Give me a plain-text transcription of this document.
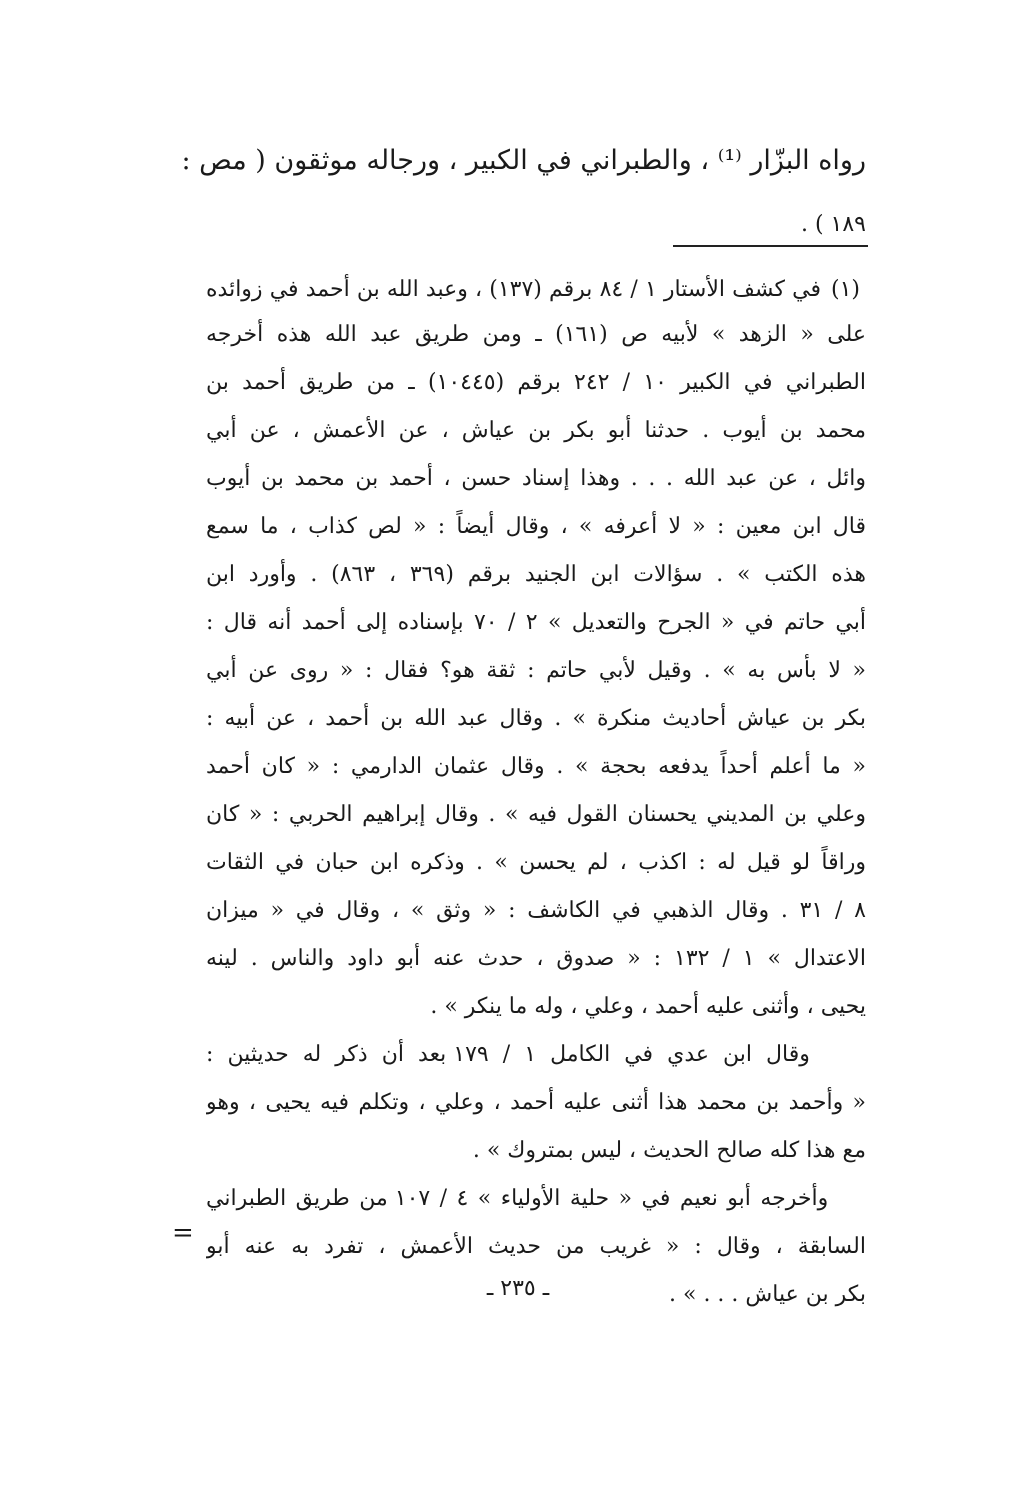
رواه البزّار ⁽¹⁾ ، والطبراني في الكبير ، ورجاله موثقون ( مص :
١٨٩ ) .
(١)
في كشف الأستار ١ / ٨٤ برقم (١٣٧) ، وعبد الله بن أحمد في زوائده
على « الزهد » لأبيه ص (١٦١) ـ ومن طريق عبد الله هذه أخرجه
الطبراني في الكبير ١٠ / ٢٤٢ برقم (١٠٤٤٥) ـ من طريق أحمد بن
محمد بن أيوب . حدثنا أبو بكر بن عياش ، عن الأعمش ، عن أبي
وائل ، عن عبد الله . . . وهذا إسناد حسن ، أحمد بن محمد بن أيوب
قال ابن معين : « لا أعرفه » ، وقال أيضاً : « لص كذاب ، ما سمع
هذه الكتب » . سؤالات ابن الجنيد برقم (٣٦٩ ، ٨٦٣) . وأورد ابن
أبي حاتم في « الجرح والتعديل » ٢ / ٧٠ بإسناده إلى أحمد أنه قال :
« لا بأس به » . وقيل لأبي حاتم : ثقة هو؟ فقال : « روى عن أبي
بكر بن عياش أحاديث منكرة » . وقال عبد الله بن أحمد ، عن أبيه :
« ما أعلم أحداً يدفعه بحجة » . وقال عثمان الدارمي : « كان أحمد
وعلي بن المديني يحسنان القول فيه » . وقال إبراهيم الحربي : « كان
وراقاً لو قيل له : اكذب ، لم يحسن » . وذكره ابن حبان في الثقات
٨ / ٣١ . وقال الذهبي في الكاشف : « وثق » ، وقال في « ميزان
الاعتدال » ١ / ١٣٢ : « صدوق ، حدث عنه أبو داود والناس . لينه
يحيى ، وأثنى عليه أحمد ، وعلي ، وله ما ينكر » .
وقال ابن عدي في الكامل ١ / ١٧٩ بعد أن ذكر له حديثين :
« وأحمد بن محمد هذا أثنى عليه أحمد ، وعلي ، وتكلم فيه يحيى ، وهو
مع هذا كله صالح الحديث ، ليس بمتروك » .
وأخرجه أبو نعيم في « حلية الأولياء » ٤ / ١٠٧ من طريق الطبراني
السابقة ، وقال : « غريب من حديث الأعمش ، تفرد به عنه أبو
بكر بن عياش . . . » .
=
ـ ٢٣٥ ـ
